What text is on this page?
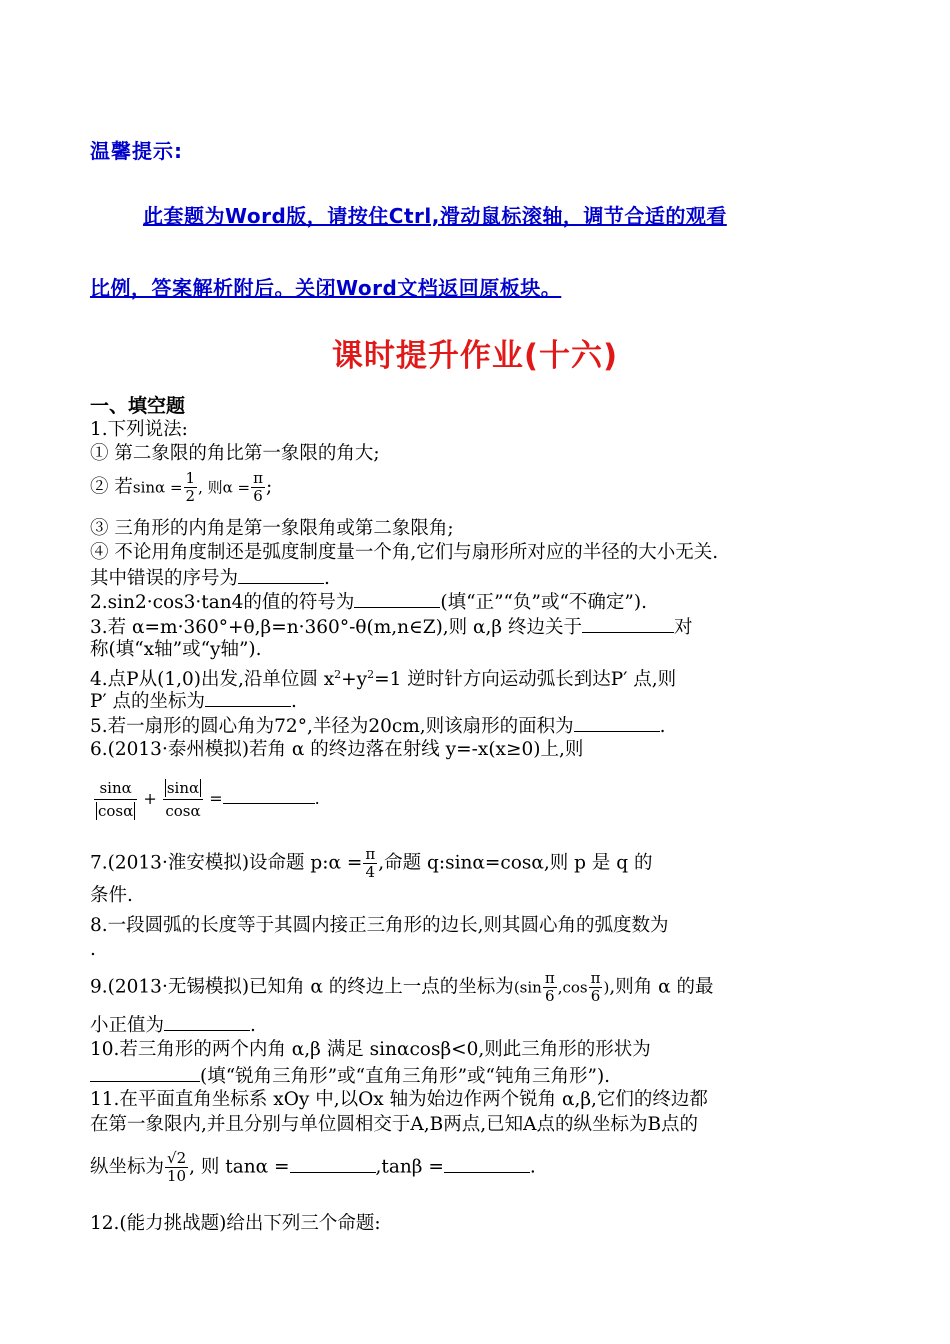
温馨提示:
此套题为Word版，请按住Ctrl,滑动鼠标滚轴，调节合适的观看
比例，答案解析附后。关闭Word文档返回原板块。
课时提升作业(十六)
一、填空题
1.下列说法:
① 第二象限的角比第一象限的角大;
② 若$\sin\alpha = \frac{1}{2}$ , 则$\alpha = \frac{\pi}{6}$ ;
③ 三角形的内角是第一象限角或第二象限角;
④ 不论用角度制还是弧度制度量一个角,它们与扇形所对应的半径的大小无关.
其中错误的序号为	.
2.sin2·cos3·tan4的值的符号为	(填“正”“负”或“不确定”).
3.若 α=m·360°+θ,β=n·360°-θ(m,n∈Z),则 α,β 终边关于	对
称(填“x轴”或“y轴”).
4.点P从(1,0)出发,沿单位圆 $x^2+y^2=1$ 逆时针方向运动弧长到达P′ 点,则
P′ 点的坐标为	.
5.若一扇形的圆心角为72°,半径为20cm,则该扇形的面积为	.
6.(2013·泰州模拟)若角 α 的终边落在射线 y=-x(x≥0)上,则
$\frac{\sin\alpha}{\cos\alpha} + \frac{\sin\alpha}{\cos\alpha}$ =	.
7.(2013·淮安模拟)设命题 p:α = $\frac{\pi}{4}$ ,命题 q:sinα=cosα,则 p 是 q 的
条件.
8.一段圆弧的长度等于其圆内接正三角形的边长,则其圆心角的弧度数为
.
9.(2013·无锡模拟)已知角 α 的终边上一点的坐标为($\sin \frac{\pi}{6} ,\cos \frac{\pi}{6}$ ),则角 α 的最
小正值为	.
10.若三角形的两个内角 α,β 满足 sinαcosβ<0,则此三角形的形状为
(填“锐角三角形”或“直角三角形”或“钝角三角形”).
11.在平面直角坐标系 xOy 中,以Ox 轴为始边作两个锐角 α,β,它们的终边都
在第一象限内,并且分别与单位圆相交于A,B两点,已知A点的纵坐标为B点的
纵坐标为 $\frac{√2}{10}$ , 则 tanα =	,tanβ =	.
12.(能力挑战题)给出下列三个命题:
